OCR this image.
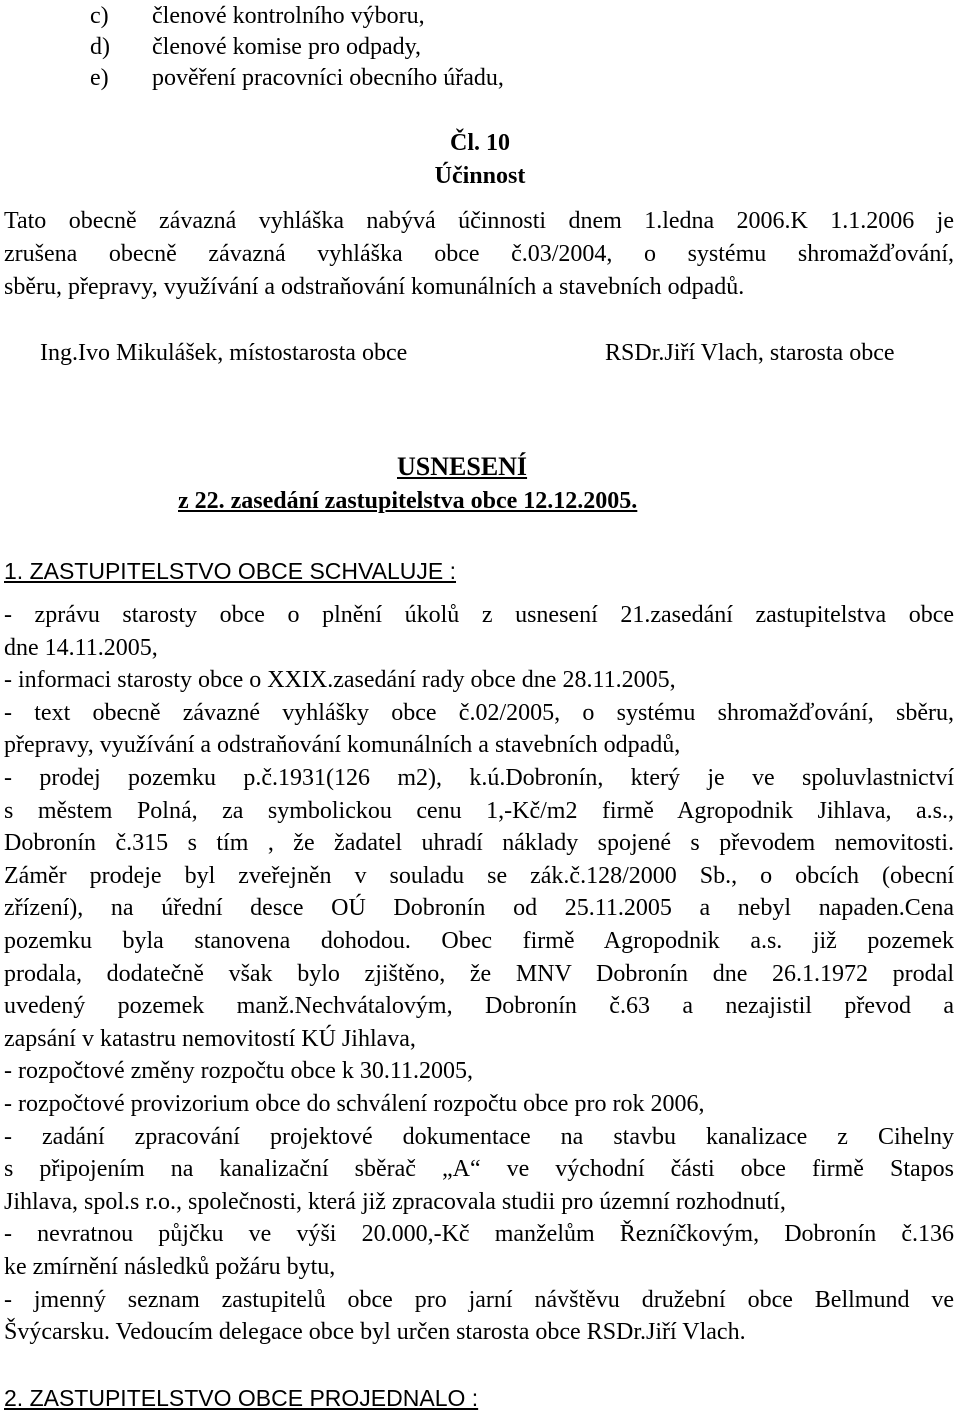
c) členové kontrolního výboru,
d) členové komise pro odpady,
e) pověření pracovníci obecního úřadu,
Čl. 10
Účinnost
Tato obecně závazná vyhláška nabývá účinnosti dnem 1.ledna 2006.K 1.1.2006 je
zrušena obecně závazná vyhláška obce č.03/2004, o systému shromažďování,
sběru, přepravy, využívání a odstraňování komunálních a stavebních odpadů.
Ing.Ivo Mikulášek, místostarosta obce	RSDr.Jiří Vlach, starosta obce
USNESENÍ
z 22. zasedání zastupitelstva obce 12.12.2005.
1. ZASTUPITELSTVO OBCE SCHVALUJE :
- zprávu starosty obce o plnění úkolů z usnesení 21.zasedání zastupitelstva obce
dne 14.11.2005,
- informaci starosty obce o XXIX.zasedání rady obce dne 28.11.2005,
- text obecně závazné vyhlášky obce č.02/2005, o systému shromažďování, sběru,
přepravy, využívání a odstraňování komunálních a stavebních odpadů,
- prodej pozemku p.č.1931(126 m2), k.ú.Dobronín, který je ve spoluvlastnictví
s městem Polná, za symbolickou cenu 1,-Kč/m2 firmě Agropodnik Jihlava, a.s.,
Dobronín č.315 s tím , že žadatel uhradí náklady spojené s převodem nemovitosti.
Záměr prodeje byl zveřejněn v souladu se zák.č.128/2000 Sb., o obcích (obecní
zřízení), na úřední desce OÚ Dobronín od 25.11.2005 a nebyl napaden.Cena
pozemku byla stanovena dohodou. Obec firmě Agropodnik a.s. již pozemek
prodala, dodatečně však bylo zjištěno, že MNV Dobronín dne 26.1.1972 prodal
uvedený pozemek manž.Nechvátalovým, Dobronín č.63 a nezajistil převod a
zapsání v katastru nemovitostí KÚ Jihlava,
- rozpočtové změny rozpočtu obce k 30.11.2005,
- rozpočtové provizorium obce do schválení rozpočtu obce pro rok 2006,
- zadání zpracování projektové dokumentace na stavbu kanalizace z Cihelny
s připojením na kanalizační sběrač „A“ ve východní části obce firmě Stapos
Jihlava, spol.s r.o., společnosti, která již zpracovala studii pro územní rozhodnutí,
- nevratnou půjčku ve výši 20.000,-Kč manželům Řezníčkovým, Dobronín č.136
ke zmírnění následků požáru bytu,
- jmenný seznam zastupitelů obce pro jarní návštěvu družební obce Bellmund ve
Švýcarsku. Vedoucím delegace obce byl určen starosta obce RSDr.Jiří Vlach.
2. ZASTUPITELSTVO OBCE PROJEDNALO :
